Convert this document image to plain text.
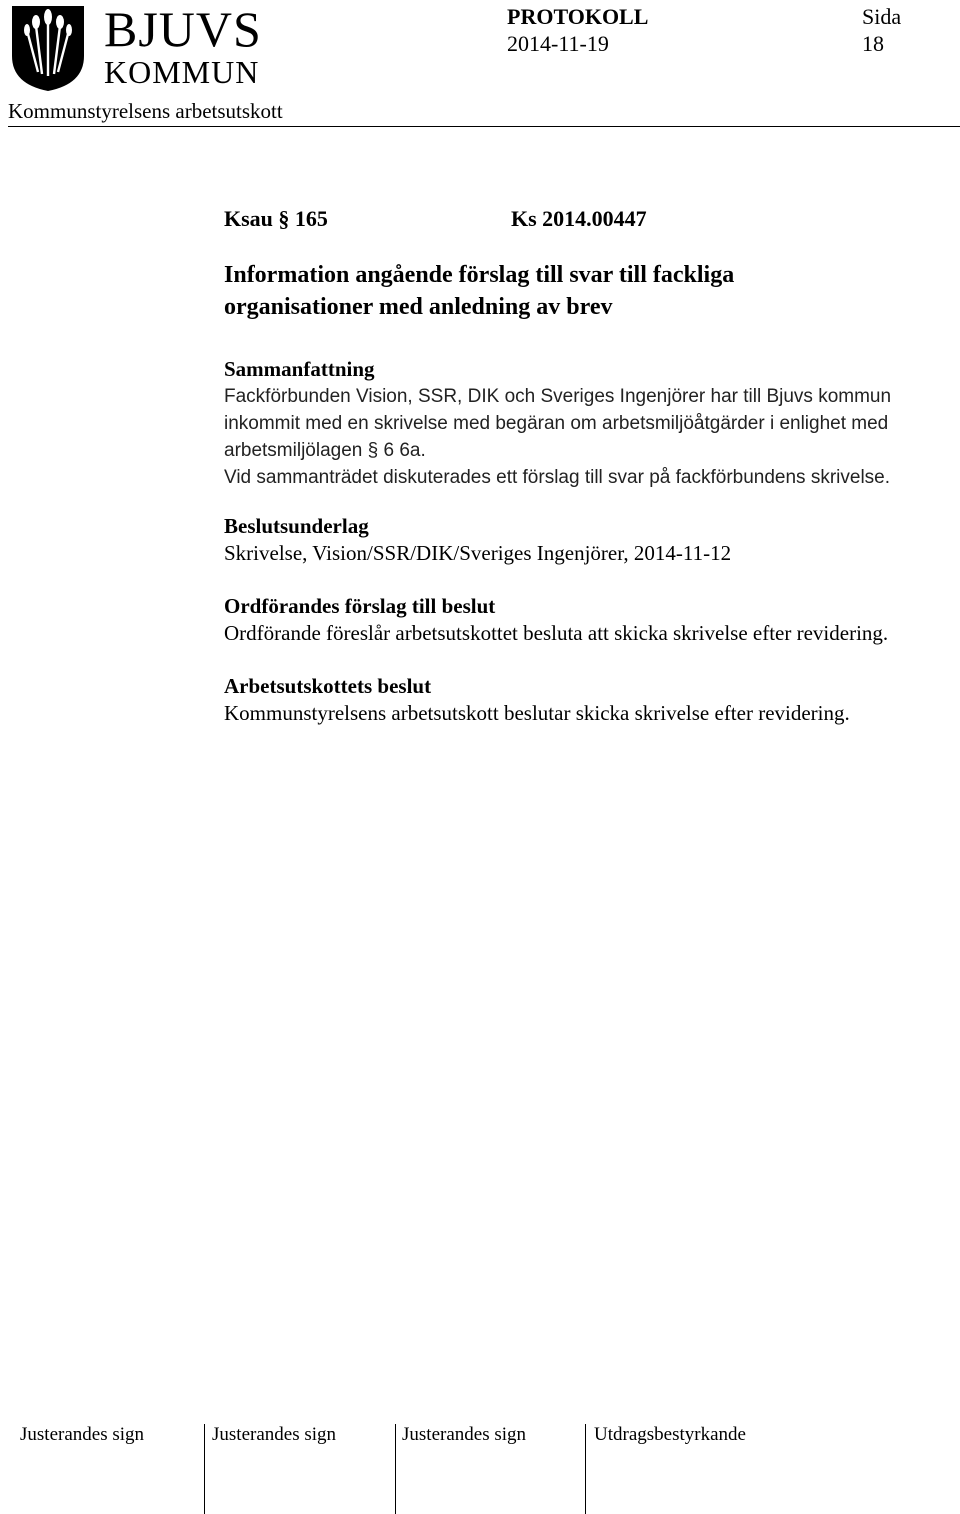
BJUVS
KOMMUN
PROTOKOLL
2014-11-19
Sida
18
Kommunstyrelsens arbetsutskott
Ksau § 165	Ks 2014.00447
Information angående förslag till svar till fackliga organisationer med anledning av brev
Sammanfattning

Fackförbunden Vision, SSR, DIK och Sveriges Ingenjörer har till Bjuvs kommun inkommit med en skrivelse med begäran om arbetsmiljöåtgärder i enlighet med arbetsmiljölagen § 6 6a.

Vid sammanträdet diskuterades ett förslag till svar på fackförbundens skrivelse.

Beslutsunderlag

Skrivelse, Vision/SSR/DIK/Sveriges Ingenjörer, 2014-11-12

Ordförandes förslag till beslut

Ordförande föreslår arbetsutskottet besluta att skicka skrivelse efter revidering.

Arbetsutskottets beslut

Kommunstyrelsens arbetsutskott beslutar skicka skrivelse efter revidering.

Justerandes sign	Justerandes sign	Justerandes sign	Utdragsbestyrkande
